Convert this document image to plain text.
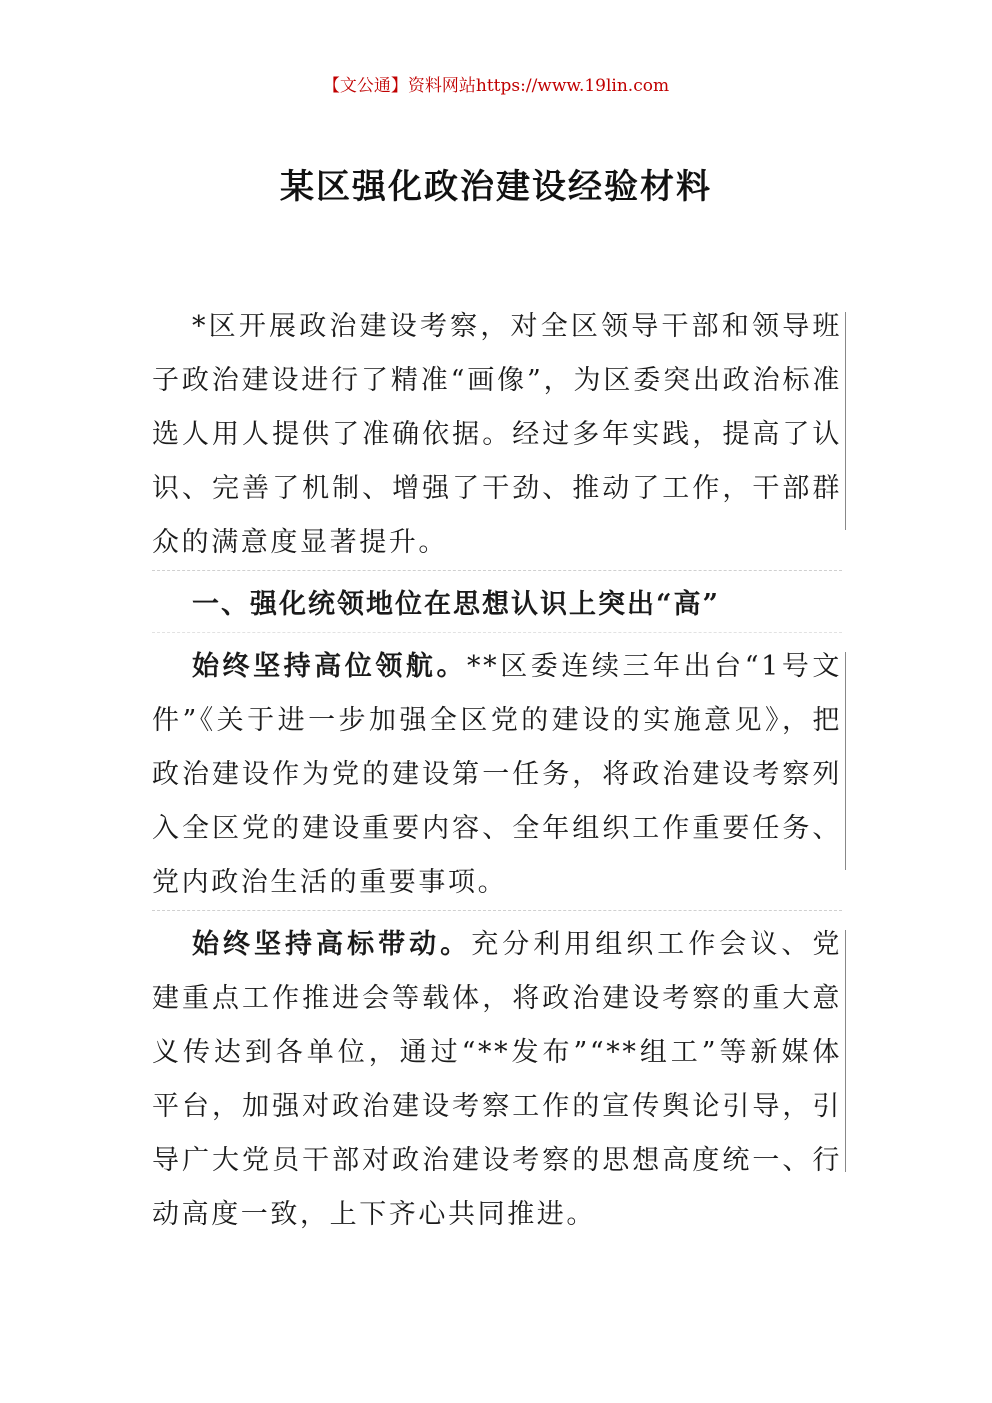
【文公通】资料网站https://www.19lin.com
某区强化政治建设经验材料

*区开展政治建设考察，对全区领导干部和领导班子政治建设进行了精准“画像”，为区委突出政治标准选人用人提供了准确依据。经过多年实践，提高了认识、完善了机制、增强了干劲、推动了工作，干部群众的满意度显著提升。

一、强化统领地位在思想认识上突出“高”

始终坚持高位领航。**区委连续三年出台“1号文件”《关于进一步加强全区党的建设的实施意见》，把政治建设作为党的建设第一任务，将政治建设考察列入全区党的建设重要内容、全年组织工作重要任务、党内政治生活的重要事项。

始终坚持高标带动。充分利用组织工作会议、党建重点工作推进会等载体，将政治建设考察的重大意义传达到各单位，通过“**发布”“**组工”等新媒体平台，加强对政治建设考察工作的宣传舆论引导，引导广大党员干部对政治建设考察的思想高度统一、行动高度一致，上下齐心共同推进。
